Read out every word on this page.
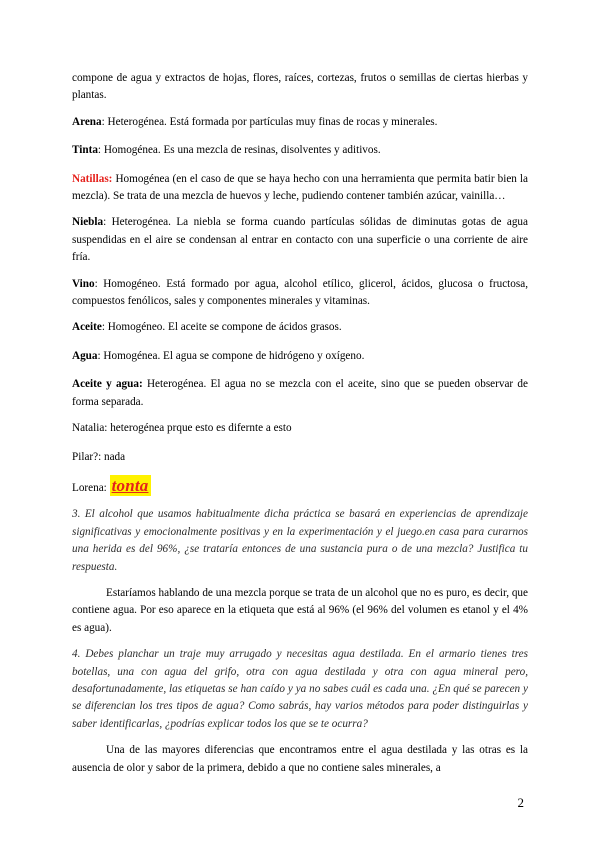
compone de agua y extractos de hojas, flores, raíces, cortezas, frutos o semillas de ciertas hierbas y plantas.

Arena: Heterogénea. Está formada por partículas muy finas de rocas y minerales.

Tinta: Homogénea. Es una mezcla de resinas, disolventes y aditivos.

Natillas: Homogénea (en el caso de que se haya hecho con una herramienta que permita batir bien la mezcla). Se trata de una mezcla de huevos y leche, pudiendo contener también azúcar, vainilla…

Niebla: Heterogénea. La niebla se forma cuando partículas sólidas de diminutas gotas de agua suspendidas en el aire se condensan al entrar en contacto con una superficie o una corriente de aire fría.

Vino: Homogéneo. Está formado por agua, alcohol etílico, glicerol, ácidos, glucosa o fructosa, compuestos fenólicos, sales y componentes minerales y vitaminas.

Aceite: Homogéneo. El aceite se compone de ácidos grasos.

Agua: Homogénea. El agua se compone de hidrógeno y oxígeno.

Aceite y agua: Heterogénea. El agua no se mezcla con el aceite, sino que se pueden observar de forma separada.

Natalia: heterogénea prque esto es difernte a esto

Pilar?: nada

Lorena: tonta

3. El alcohol que usamos habitualmente dicha práctica se basará en experiencias de aprendizaje significativas y emocionalmente positivas y en la experimentación y el juego.en casa para curarnos una herida es del 96%, ¿se trataría entonces de una sustancia pura o de una mezcla? Justifica tu respuesta.

Estaríamos hablando de una mezcla porque se trata de un alcohol que no es puro, es decir, que contiene agua. Por eso aparece en la etiqueta que está al 96% (el 96% del volumen es etanol y el 4% es agua).

4. Debes planchar un traje muy arrugado y necesitas agua destilada. En el armario tienes tres botellas, una con agua del grifo, otra con agua destilada y otra con agua mineral pero, desafortunadamente, las etiquetas se han caído y ya no sabes cuál es cada una. ¿En qué se parecen y se diferencian los tres tipos de agua? Como sabrás, hay varios métodos para poder distinguirlas y saber identificarlas, ¿podrías explicar todos los que se te ocurra?

Una de las mayores diferencias que encontramos entre el agua destilada y las otras es la ausencia de olor y sabor de la primera, debido a que no contiene sales minerales, a

2
